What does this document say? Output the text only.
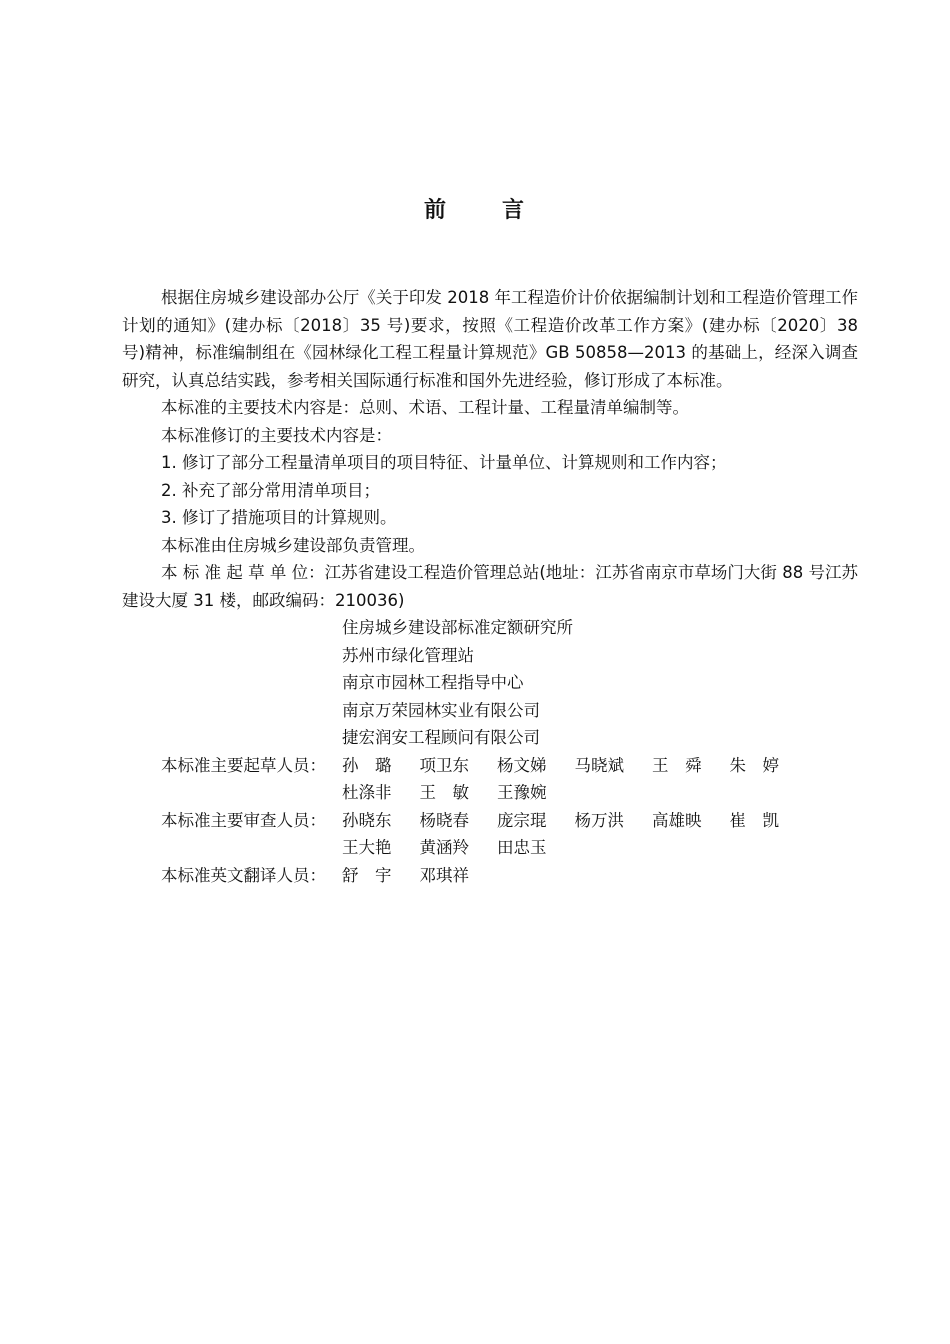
前 言

根据住房城乡建设部办公厅《关于印发 2018 年工程造价计价依据编制计划和工程造价管理工作计划的通知》(建办标〔2018〕35 号)要求，按照《工程造价改革工作方案》(建办标〔2020〕38 号)精神，标准编制组在《园林绿化工程工程量计算规范》GB 50858—2013 的基础上，经深入调查研究，认真总结实践，参考相关国际通行标准和国外先进经验，修订形成了本标准。

本标准的主要技术内容是：总则、术语、工程计量、工程量清单编制等。

本标准修订的主要技术内容是：

1. 修订了部分工程量清单项目的项目特征、计量单位、计算规则和工作内容；

2. 补充了部分常用清单项目；

3. 修订了措施项目的计算规则。

本标准由住房城乡建设部负责管理。

本 标 准 起 草 单 位：江苏省建设工程造价管理总站(地址：江苏省南京市草场门大街 88 号江苏建设大厦 31 楼，邮政编码：210036)

住房城乡建设部标准定额研究所
苏州市绿化管理站
南京市园林工程指导中心
南京万荣园林实业有限公司
捷宏润安工程顾问有限公司
本标准主要起草人员： 孙　璐	项卫东	杨文娣	马晓斌	王　舜	朱　婷
杜涤非	王　敏	王豫婉
本标准主要审查人员： 孙晓东	杨晓春	庞宗琨	杨万洪	高雄映	崔　凯
王大艳	黄涵羚	田忠玉
本标准英文翻译人员： 舒　宇	邓琪祥
